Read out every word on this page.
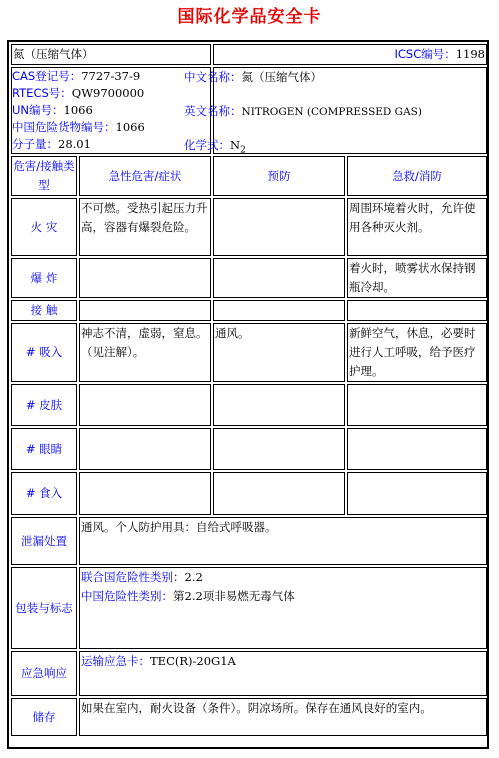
国际化学品安全卡
氮（压缩气体）		ICSC编号：1198	

CAS登记号：7727-37-9
RTECS号：QW9700000
UN编号：1066
中国危险货物编号：1066
分子量：28.01			

危害/接触类型	急性危害/症状	预防	急救/消防
火 灾	不可燃。受热引起压力升高，容器有爆裂危险。		周围环境着火时，允许使用各种灭火剂。
爆 炸			着火时，喷雾状水保持钢瓶冷却。
接 触			
# 吸入	神志不清，虚弱，窒息。（见注解）。	通风。	新鲜空气，休息，必要时进行人工呼吸，给予医疗护理。
# 皮肤			
# 眼睛			
# 食入			
泄漏处置	通风。个人防护用具：自给式呼吸器。		
包装与标志	联合国危险性类别：2.2
中国危险性类别：第2.2项非易燃无毒气体		

应急响应	运输应急卡：TEC(R)-20G1A		
储存	如果在室内，耐火设备（条件）。阴凉场所。保存在通风良好的室内。		
中文名称：氮（压缩气体）
英文名称：NITROGEN (COMPRESSED GAS)
化学式：$N_2$
